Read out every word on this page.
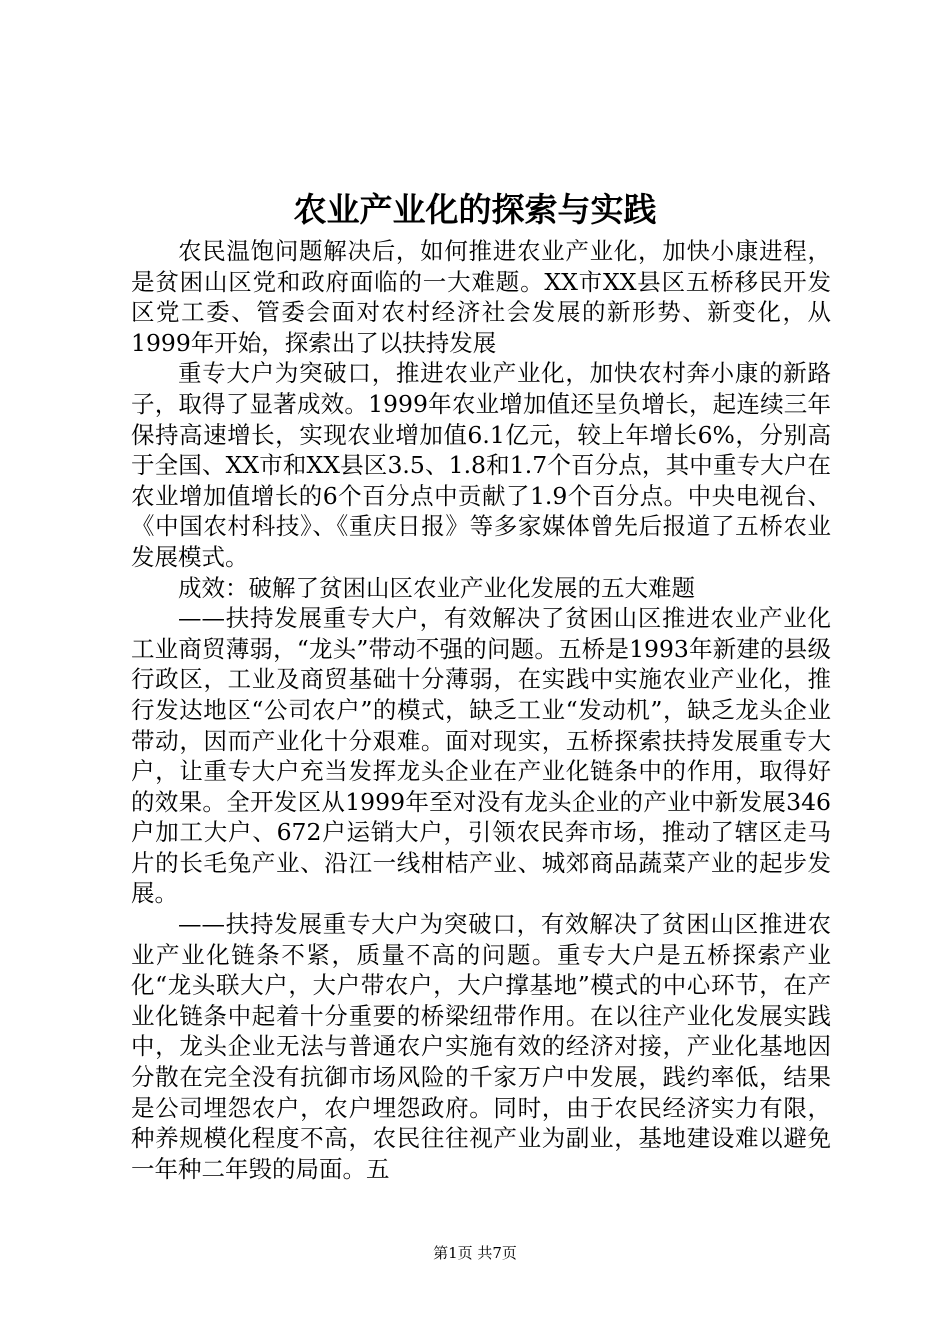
农业产业化的探索与实践

农民温饱问题解决后，如何推进农业产业化，加快小康进程，是贫困山区党和政府面临的一大难题。XX市XX县区五桥移民开发区党工委、管委会面对农村经济社会发展的新形势、新变化，从1999年开始，探索出了以扶持发展

重专大户为突破口，推进农业产业化，加快农村奔小康的新路子，取得了显著成效。1999年农业增加值还呈负增长，起连续三年保持高速增长，实现农业增加值6.1亿元，较上年增长6%，分别高于全国、XX市和XX县区3.5、1.8和1.7个百分点，其中重专大户在农业增加值增长的6个百分点中贡献了1.9个百分点。中央电视台、《中国农村科技》、《重庆日报》等多家媒体曾先后报道了五桥农业发展模式。

成效：破解了贫困山区农业产业化发展的五大难题

——扶持发展重专大户，有效解决了贫困山区推进农业产业化工业商贸薄弱，“龙头”带动不强的问题。五桥是1993年新建的县级行政区，工业及商贸基础十分薄弱，在实践中实施农业产业化，推行发达地区“公司农户”的模式，缺乏工业“发动机”，缺乏龙头企业带动，因而产业化十分艰难。面对现实，五桥探索扶持发展重专大户，让重专大户充当发挥龙头企业在产业化链条中的作用，取得好的效果。全开发区从1999年至对没有龙头企业的产业中新发展346户加工大户、672户运销大户，引领农民奔市场，推动了辖区走马片的长毛兔产业、沿江一线柑桔产业、城郊商品蔬菜产业的起步发展。

——扶持发展重专大户为突破口，有效解决了贫困山区推进农业产业化链条不紧，质量不高的问题。重专大户是五桥探索产业化“龙头联大户，大户带农户，大户撑基地”模式的中心环节，在产业化链条中起着十分重要的桥梁纽带作用。在以往产业化发展实践中，龙头企业无法与普通农户实施有效的经济对接，产业化基地因分散在完全没有抗御市场风险的千家万户中发展，践约率低，结果是公司埋怨农户，农户埋怨政府。同时，由于农民经济实力有限，种养规模化程度不高，农民往往视产业为副业，基地建设难以避免一年种二年毁的局面。五

第1页 共7页
